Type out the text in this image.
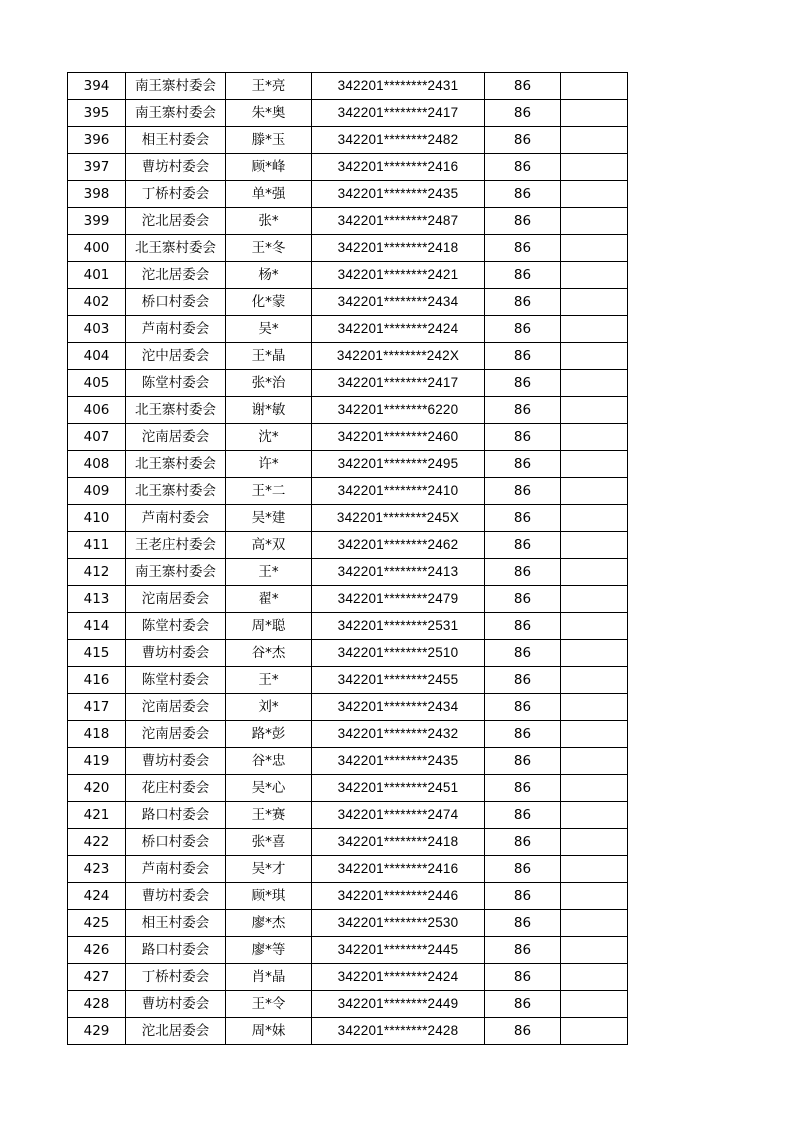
394	南王寨村委会	王*亮	342201********2431	86	
395	南王寨村委会	朱*奥	342201********2417	86	
396	相王村委会	滕*玉	342201********2482	86	
397	曹坊村委会	顾*峰	342201********2416	86	
398	丁桥村委会	单*强	342201********2435	86	
399	沱北居委会	张*	342201********2487	86	
400	北王寨村委会	王*冬	342201********2418	86	
401	沱北居委会	杨*	342201********2421	86	
402	桥口村委会	化*蒙	342201********2434	86	
403	芦南村委会	吴*	342201********2424	86	
404	沱中居委会	王*晶	342201********242X	86	
405	陈堂村委会	张*治	342201********2417	86	
406	北王寨村委会	谢*敏	342201********6220	86	
407	沱南居委会	沈*	342201********2460	86	
408	北王寨村委会	许*	342201********2495	86	
409	北王寨村委会	王*二	342201********2410	86	
410	芦南村委会	吴*建	342201********245X	86	
411	王老庄村委会	高*双	342201********2462	86	
412	南王寨村委会	王*	342201********2413	86	
413	沱南居委会	翟*	342201********2479	86	
414	陈堂村委会	周*聪	342201********2531	86	
415	曹坊村委会	谷*杰	342201********2510	86	
416	陈堂村委会	王*	342201********2455	86	
417	沱南居委会	刘*	342201********2434	86	
418	沱南居委会	路*彭	342201********2432	86	
419	曹坊村委会	谷*忠	342201********2435	86	
420	花庄村委会	吴*心	342201********2451	86	
421	路口村委会	王*赛	342201********2474	86	
422	桥口村委会	张*喜	342201********2418	86	
423	芦南村委会	吴*才	342201********2416	86	
424	曹坊村委会	顾*琪	342201********2446	86	
425	相王村委会	廖*杰	342201********2530	86	
426	路口村委会	廖*等	342201********2445	86	
427	丁桥村委会	肖*晶	342201********2424	86	
428	曹坊村委会	王*令	342201********2449	86	
429	沱北居委会	周*妹	342201********2428	86	
